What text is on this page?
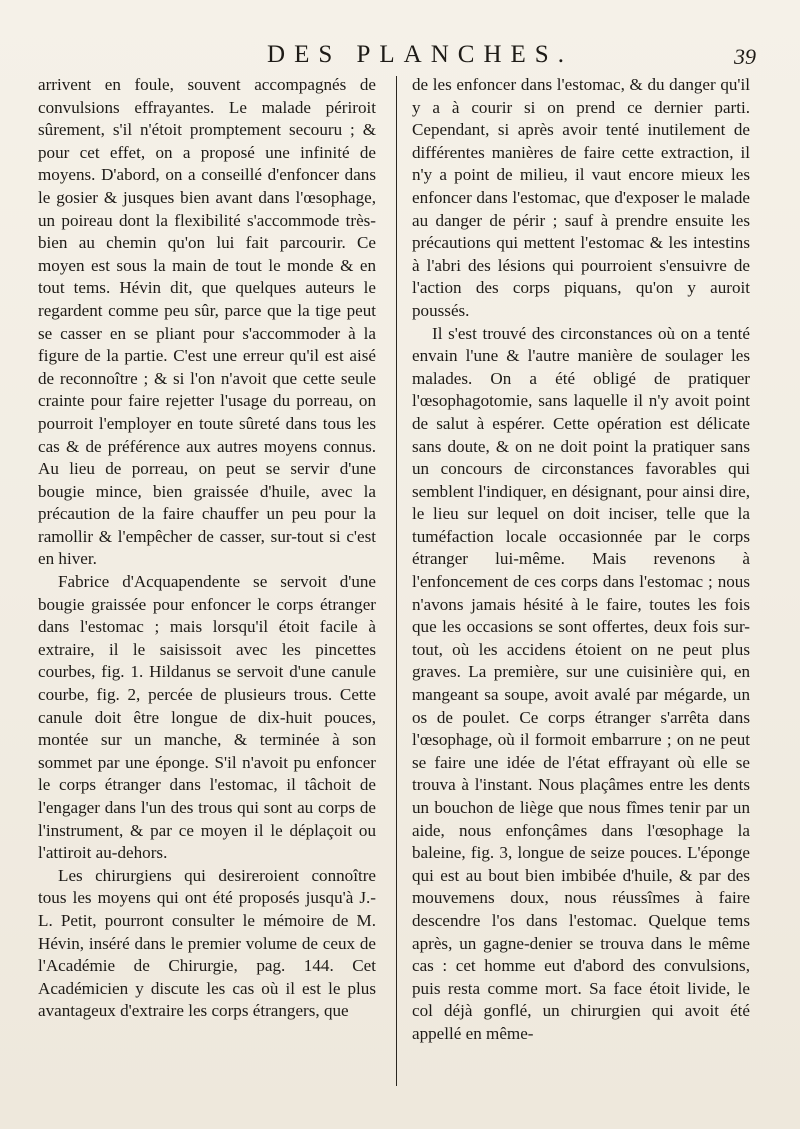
DES PLANCHES.	39

arrivent en foule, souvent accompagnés de convulsions effrayantes. Le malade périroit sûrement, s'il n'étoit promptement secouru ; & pour cet effet, on a proposé une infinité de moyens. D'abord, on a conseillé d'enfoncer dans le gosier & jusques bien avant dans l'œsophage, un poireau dont la flexibilité s'accommode très-bien au chemin qu'on lui fait parcourir. Ce moyen est sous la main de tout le monde & en tout tems. Hévin dit, que quelques auteurs le regardent comme peu sûr, parce que la tige peut se casser en se pliant pour s'accommoder à la figure de la partie. C'est une erreur qu'il est aisé de reconnoître ; & si l'on n'avoit que cette seule crainte pour faire rejetter l'usage du porreau, on pourroit l'employer en toute sûreté dans tous les cas & de préférence aux autres moyens connus. Au lieu de porreau, on peut se servir d'une bougie mince, bien graissée d'huile, avec la précaution de la faire chauffer un peu pour la ramollir & l'empêcher de casser, sur-tout si c'est en hiver.

Fabrice d'Acquapendente se servoit d'une bougie graissée pour enfoncer le corps étranger dans l'estomac ; mais lorsqu'il étoit facile à extraire, il le saisissoit avec les pincettes courbes, fig. 1. Hildanus se servoit d'une canule courbe, fig. 2, percée de plusieurs trous. Cette canule doit être longue de dix-huit pouces, montée sur un manche, & terminée à son sommet par une éponge. S'il n'avoit pu enfoncer le corps étranger dans l'estomac, il tâchoit de l'engager dans l'un des trous qui sont au corps de l'instrument, & par ce moyen il le déplaçoit ou l'attiroit au-dehors.

Les chirurgiens qui desireroient connoître tous les moyens qui ont été proposés jusqu'à J.-L. Petit, pourront consulter le mémoire de M. Hévin, inséré dans le premier volume de ceux de l'Académie de Chirurgie, pag. 144. Cet Académicien y discute les cas où il est le plus avantageux d'extraire les corps étrangers, que

de les enfoncer dans l'estomac, & du danger qu'il y a à courir si on prend ce dernier parti. Cependant, si après avoir tenté inutilement de différentes manières de faire cette extraction, il n'y a point de milieu, il vaut encore mieux les enfoncer dans l'estomac, que d'exposer le malade au danger de périr ; sauf à prendre ensuite les précautions qui mettent l'estomac & les intestins à l'abri des lésions qui pourroient s'ensuivre de l'action des corps piquans, qu'on y auroit poussés.

Il s'est trouvé des circonstances où on a tenté envain l'une & l'autre manière de soulager les malades. On a été obligé de pratiquer l'œsophagotomie, sans laquelle il n'y avoit point de salut à espérer. Cette opération est délicate sans doute, & on ne doit point la pratiquer sans un concours de circonstances favorables qui semblent l'indiquer, en désignant, pour ainsi dire, le lieu sur lequel on doit inciser, telle que la tuméfaction locale occasionnée par le corps étranger lui-même. Mais revenons à l'enfoncement de ces corps dans l'estomac ; nous n'avons jamais hésité à le faire, toutes les fois que les occasions se sont offertes, deux fois sur-tout, où les accidens étoient on ne peut plus graves. La première, sur une cuisinière qui, en mangeant sa soupe, avoit avalé par mégarde, un os de poulet. Ce corps étranger s'arrêta dans l'œsophage, où il formoit embarrure ; on ne peut se faire une idée de l'état effrayant où elle se trouva à l'instant. Nous plaçâmes entre les dents un bouchon de liège que nous fîmes tenir par un aide, nous enfonçâmes dans l'œsophage la baleine, fig. 3, longue de seize pouces. L'éponge qui est au bout bien imbibée d'huile, & par des mouvemens doux, nous réussîmes à faire descendre l'os dans l'estomac. Quelque tems après, un gagne-denier se trouva dans le même cas : cet homme eut d'abord des convulsions, puis resta comme mort. Sa face étoit livide, le col déjà gonflé, un chirurgien qui avoit été appellé en même-
